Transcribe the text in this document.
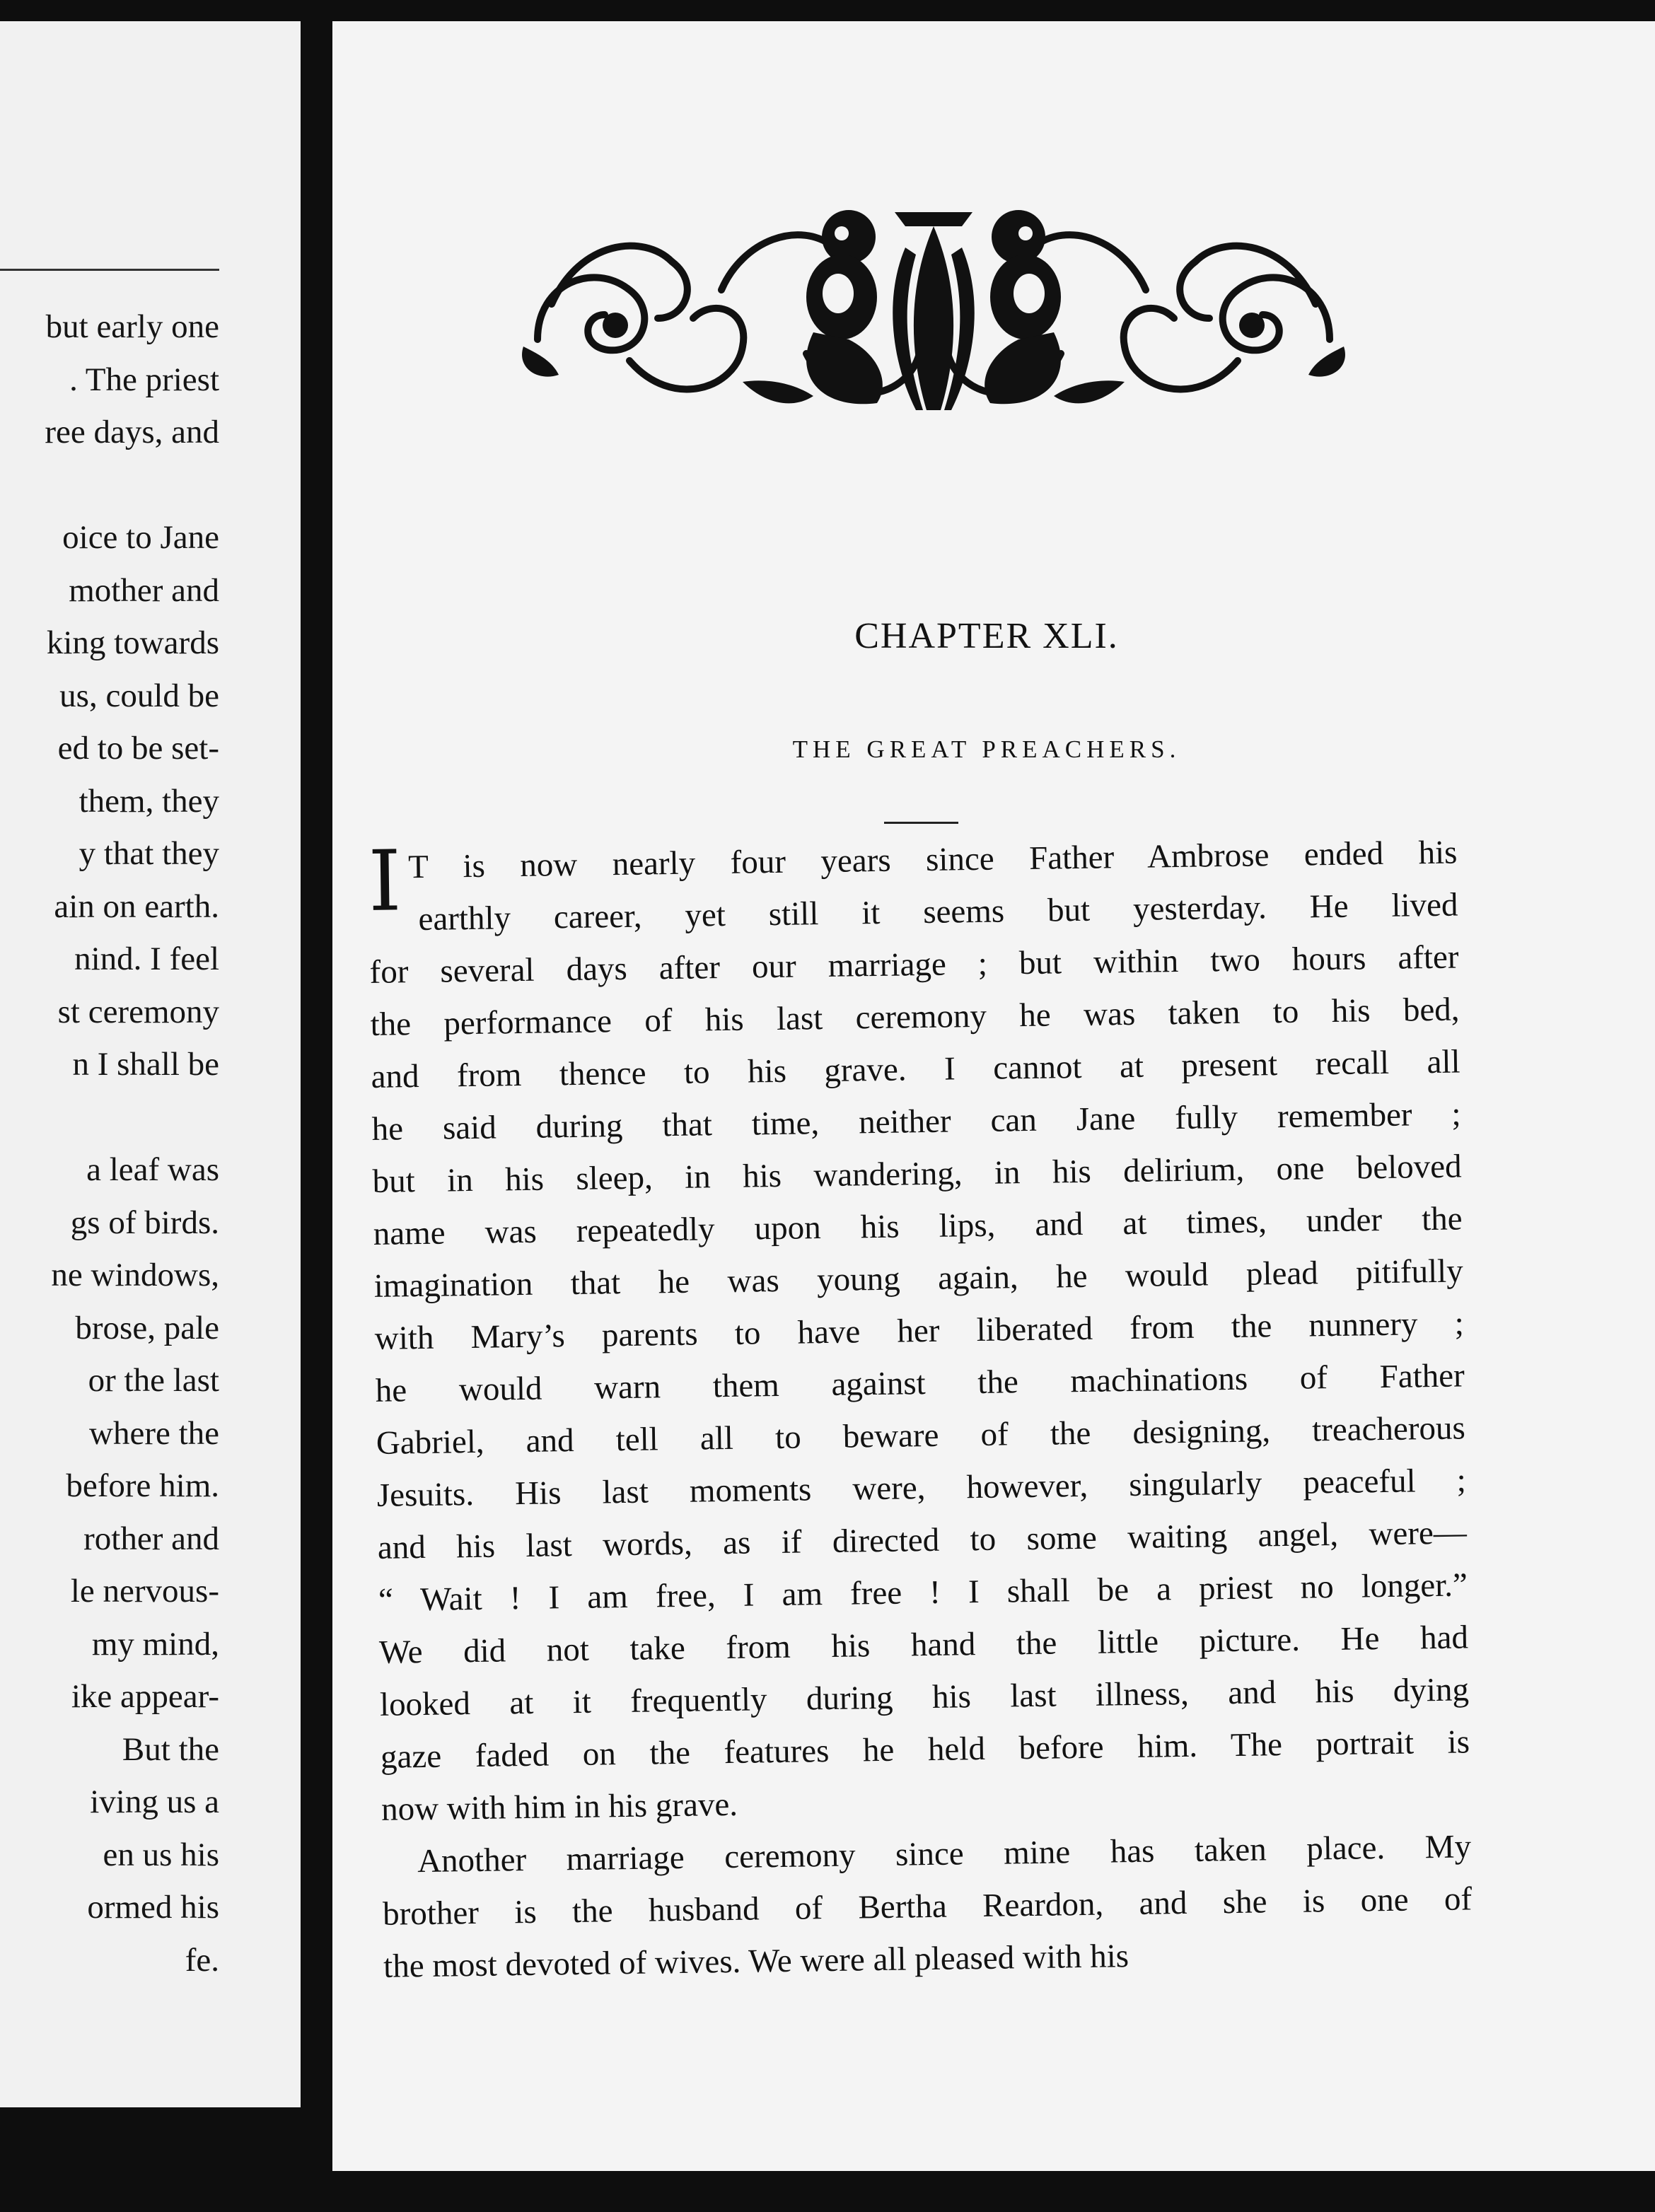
but early one
. The priest
ree days, and
oice to Jane
mother and
king towards
us, could be
ed to be set-
them, they
y that they
ain on earth.
nind. I feel
st ceremony
n I shall be
a leaf was
gs of birds.
ne windows,
brose, pale
or the last
where the
before him.
rother and
le nervous-
my mind,
ike appear-
But the
iving us a
en us his
ormed his
fe.
CHAPTER XLI.
THE GREAT PREACHERS.
I T is now nearly four years since Father Ambrose ended his
earthly career, yet still it seems but yesterday. He lived
for several days after our marriage ; but within two hours after
the performance of his last ceremony he was taken to his bed,
and from thence to his grave. I cannot at present recall all
he said during that time, neither can Jane fully remember ;
but in his sleep, in his wandering, in his delirium, one beloved
name was repeatedly upon his lips, and at times, under the
imagination that he was young again, he would plead pitifully
with Mary’s parents to have her liberated from the nunnery ;
he would warn them against the machinations of Father
Gabriel, and tell all to beware of the designing, treacherous
Jesuits. His last moments were, however, singularly peaceful ;
and his last words, as if directed to some waiting angel, were—
“ Wait ! I am free, I am free ! I shall be a priest no longer.”
We did not take from his hand the little picture. He had
looked at it frequently during his last illness, and his dying
gaze faded on the features he held before him. The portrait is
now with him in his grave.
Another marriage ceremony since mine has taken place. My
brother is the husband of Bertha Reardon, and she is one of
the most devoted of wives. We were all pleased with his
